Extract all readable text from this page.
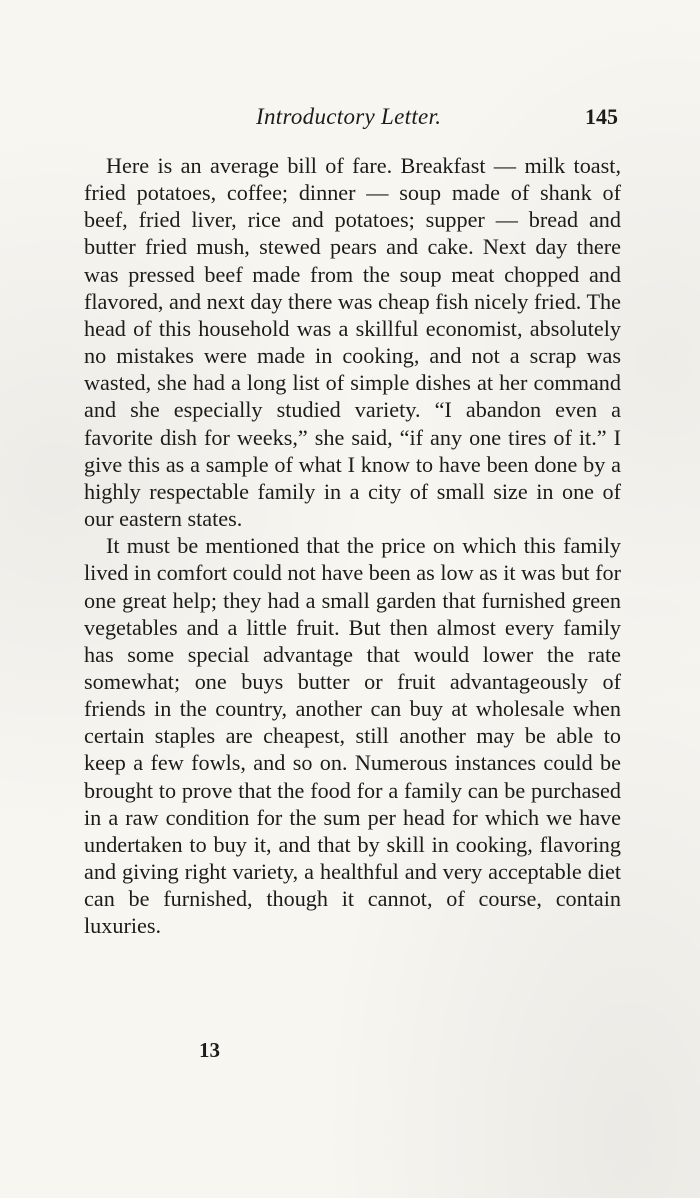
Introductory Letter.	145

Here is an average bill of fare. Breakfast — milk toast, fried potatoes, coffee; dinner — soup made of shank of beef, fried liver, rice and potatoes; supper — bread and butter fried mush, stewed pears and cake. Next day there was pressed beef made from the soup meat chopped and flavored, and next day there was cheap fish nicely fried. The head of this household was a skillful economist, absolutely no mistakes were made in cooking, and not a scrap was wasted, she had a long list of simple dishes at her command and she especially studied variety. “I abandon even a favorite dish for weeks,” she said, “if any one tires of it.” I give this as a sample of what I know to have been done by a highly respectable family in a city of small size in one of our eastern states.

It must be mentioned that the price on which this family lived in comfort could not have been as low as it was but for one great help; they had a small garden that furnished green vegetables and a little fruit. But then almost every family has some special advantage that would lower the rate somewhat; one buys butter or fruit advantageously of friends in the country, another can buy at wholesale when certain staples are cheapest, still another may be able to keep a few fowls, and so on. Numerous instances could be brought to prove that the food for a family can be purchased in a raw condition for the sum per head for which we have undertaken to buy it, and that by skill in cooking, flavoring and giving right variety, a healthful and very acceptable diet can be furnished, though it cannot, of course, contain luxuries.

13
